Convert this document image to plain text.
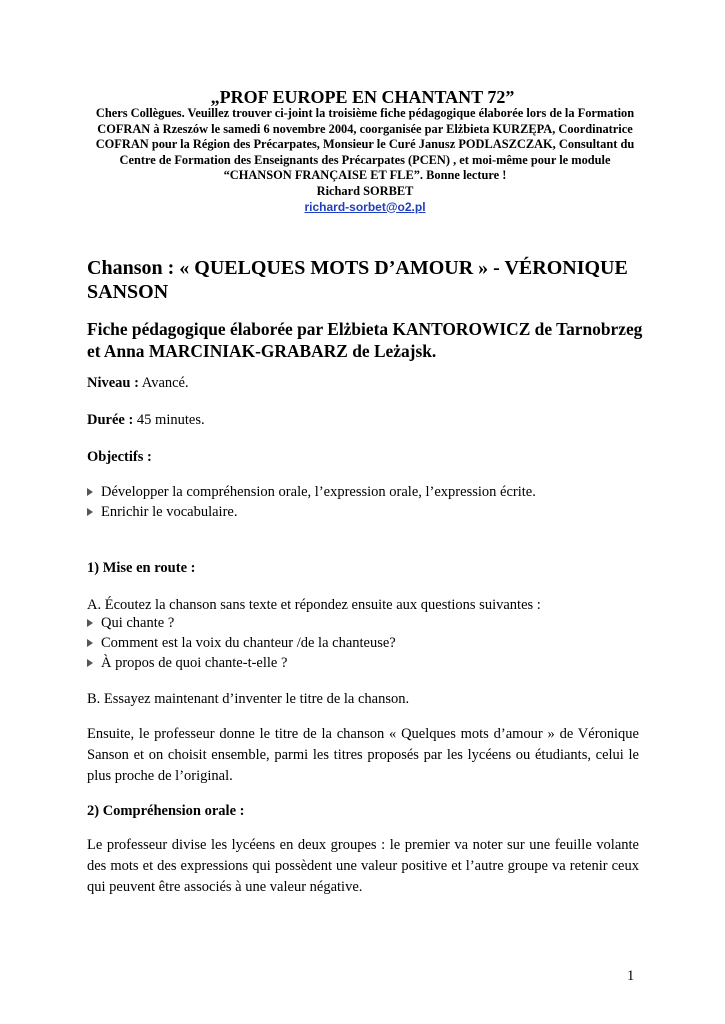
„PROF EUROPE EN CHANTANT 72”

Chers Collègues. Veuillez trouver ci-joint la troisième fiche pédagogique élaborée lors de la Formation

COFRAN à Rzeszów le samedi 6 novembre 2004, coorganisée par Elżbieta KURZĘPA, Coordinatrice

COFRAN pour la Région des Précarpates, Monsieur le Curé Janusz PODLASZCZAK, Consultant du

Centre de Formation des Enseignants des Précarpates (PCEN) , et moi-même pour le module

“CHANSON FRANÇAISE ET FLE”. Bonne lecture !

Richard SORBET

richard-sorbet@o2.pl

Chanson : « QUELQUES MOTS D’AMOUR » - VÉRONIQUE SANSON
Fiche pédagogique élaborée par Elżbieta KANTOROWICZ de Tarnobrzeg et Anna MARCINIAK-GRABARZ de Leżajsk.

Niveau : Avancé.

Durée : 45 minutes.

Objectifs :

Développer la compréhension orale, l’expression orale, l’expression écrite.
Enrichir le vocabulaire.

1) Mise en route :

A. Écoutez la chanson sans texte et répondez ensuite aux questions suivantes :

Qui chante ?
Comment est la voix du chanteur /de la chanteuse?
À propos de quoi chante-t-elle ?

B. Essayez maintenant d’inventer le titre de la chanson.

Ensuite, le professeur donne le titre de la chanson « Quelques mots d’amour » de Véronique Sanson et on choisit ensemble, parmi les titres proposés par les lycéens ou étudiants, celui le plus proche de l’original.

2) Compréhension orale :

Le professeur divise les lycéens en deux groupes : le premier va noter sur une feuille volante des mots et des expressions qui possèdent une valeur positive et l’autre groupe va retenir ceux qui peuvent être associés à une valeur négative.

1
